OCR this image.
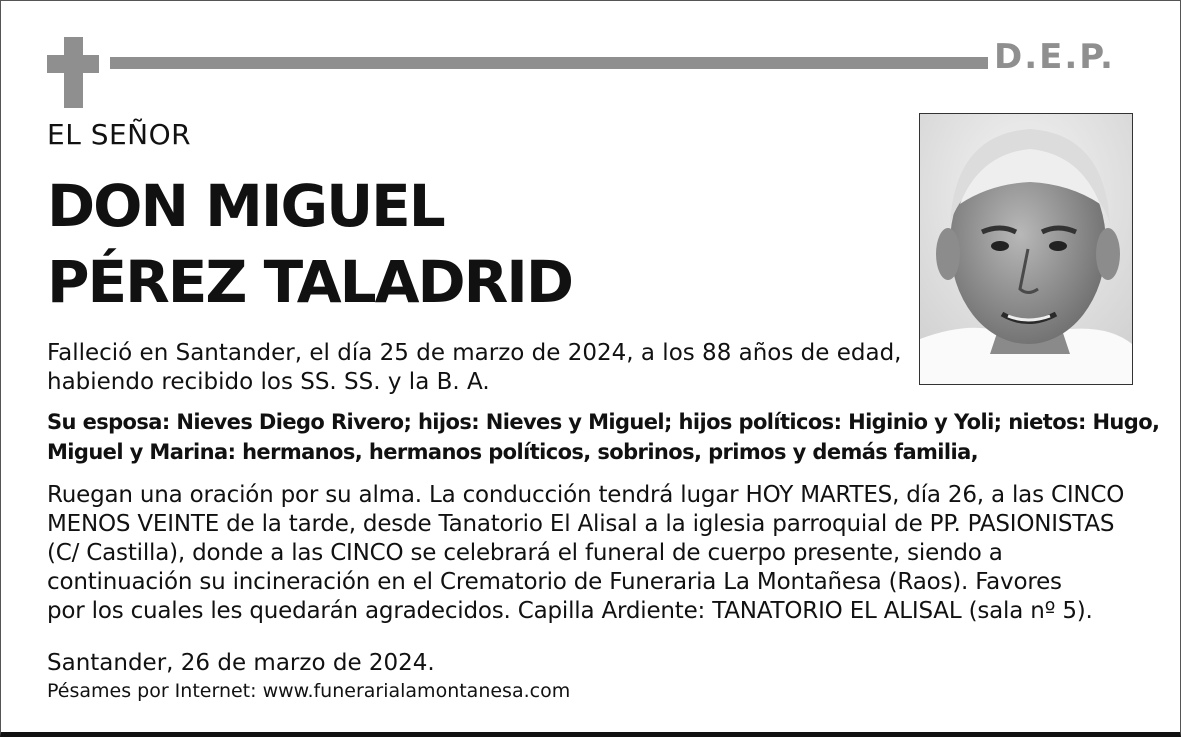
D.E.P.
EL SEÑOR
DON MIGUEL
PÉREZ TALADRID
Falleció en Santander, el día 25 de marzo de 2024, a los 88 años de edad,
habiendo recibido los SS. SS. y la B. A.
Su esposa: Nieves Diego Rivero; hijos: Nieves y Miguel; hijos políticos: Higinio y Yoli; nietos: Hugo,
Miguel y Marina: hermanos, hermanos políticos, sobrinos, primos y demás familia,
Ruegan una oración por su alma. La conducción tendrá lugar HOY MARTES, día 26, a las CINCO
MENOS VEINTE de la tarde, desde Tanatorio El Alisal a la iglesia parroquial de PP. PASIONISTAS
(C/ Castilla), donde a las CINCO se celebrará el funeral de cuerpo presente, siendo a
continuación su incineración en el Crematorio de Funeraria La Montañesa (Raos). Favores
por los cuales les quedarán agradecidos. Capilla Ardiente: TANATORIO EL ALISAL (sala nº 5).
Santander, 26 de marzo de 2024.
Pésames por Internet: www.funerarialamontanesa.com
